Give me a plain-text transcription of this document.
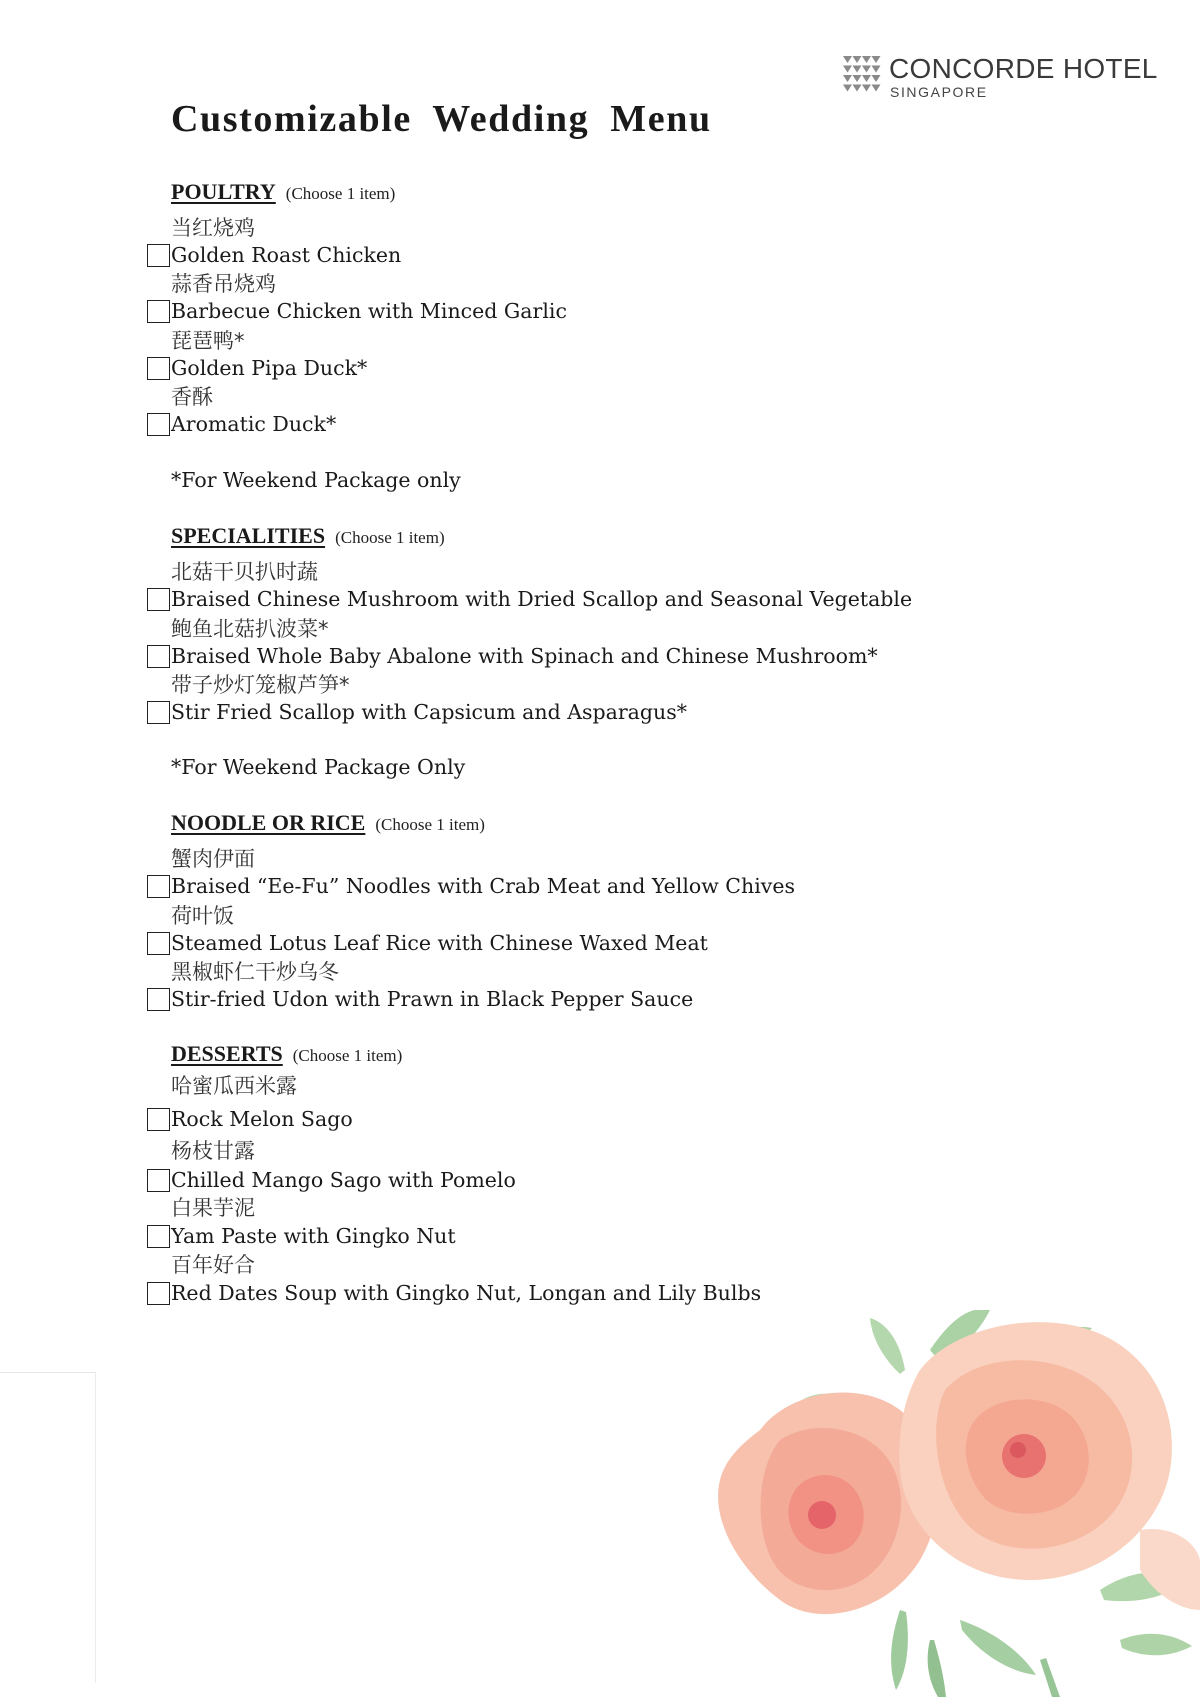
CONCORDE HOTEL
SINGAPORE
Customizable Wedding Menu
POULTRY (Choose 1 item)
当红烧鸡
Golden Roast Chicken
蒜香吊烧鸡
Barbecue Chicken with Minced Garlic
琵琶鸭*
Golden Pipa Duck*
香酥
Aromatic Duck*
*For Weekend Package only
SPECIALITIES (Choose 1 item)
北菇干贝扒时蔬
Braised Chinese Mushroom with Dried Scallop and Seasonal Vegetable
鲍鱼北菇扒波菜*
Braised Whole Baby Abalone with Spinach and Chinese Mushroom*
带子炒灯笼椒芦笋*
Stir Fried Scallop with Capsicum and Asparagus*
*For Weekend Package Only
NOODLE OR RICE (Choose 1 item)
蟹肉伊面
Braised “Ee-Fu” Noodles with Crab Meat and Yellow Chives
荷叶饭
Steamed Lotus Leaf Rice with Chinese Waxed Meat
黑椒虾仁干炒乌冬
Stir-fried Udon with Prawn in Black Pepper Sauce
DESSERTS (Choose 1 item)
哈蜜瓜西米露
Rock Melon Sago
杨枝甘露
Chilled Mango Sago with Pomelo
白果芋泥
Yam Paste with Gingko Nut
百年好合
Red Dates Soup with Gingko Nut, Longan and Lily Bulbs
